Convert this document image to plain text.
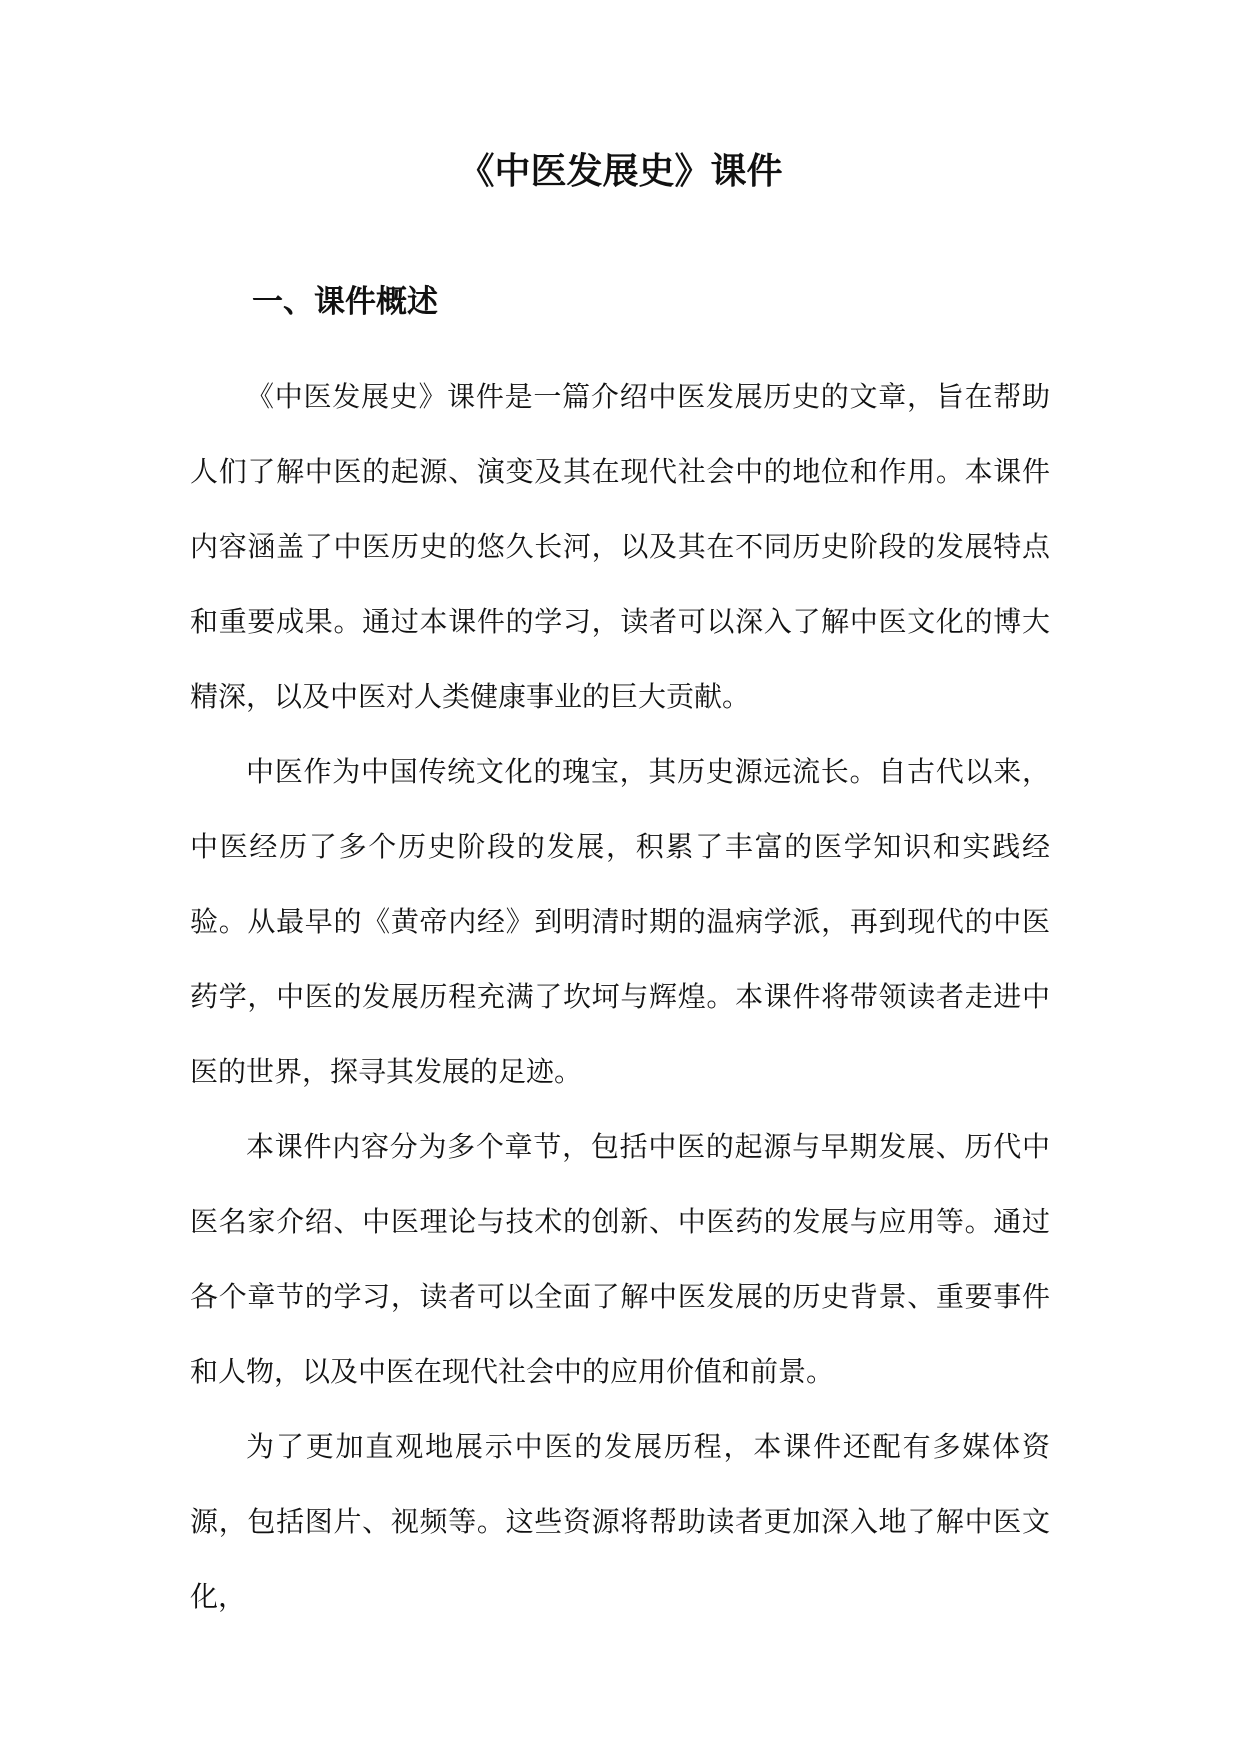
《中医发展史》课件
一、课件概述

《中医发展史》课件是一篇介绍中医发展历史的文章，旨在帮助人们了解中医的起源、演变及其在现代社会中的地位和作用。本课件内容涵盖了中医历史的悠久长河，以及其在不同历史阶段的发展特点和重要成果。通过本课件的学习，读者可以深入了解中医文化的博大精深，以及中医对人类健康事业的巨大贡献。

中医作为中国传统文化的瑰宝，其历史源远流长。自古代以来，中医经历了多个历史阶段的发展，积累了丰富的医学知识和实践经验。从最早的《黄帝内经》到明清时期的温病学派，再到现代的中医药学，中医的发展历程充满了坎坷与辉煌。本课件将带领读者走进中医的世界，探寻其发展的足迹。

本课件内容分为多个章节，包括中医的起源与早期发展、历代中医名家介绍、中医理论与技术的创新、中医药的发展与应用等。通过各个章节的学习，读者可以全面了解中医发展的历史背景、重要事件和人物，以及中医在现代社会中的应用价值和前景。

为了更加直观地展示中医的发展历程，本课件还配有多媒体资源，包括图片、视频等。这些资源将帮助读者更加深入地了解中医文化，
